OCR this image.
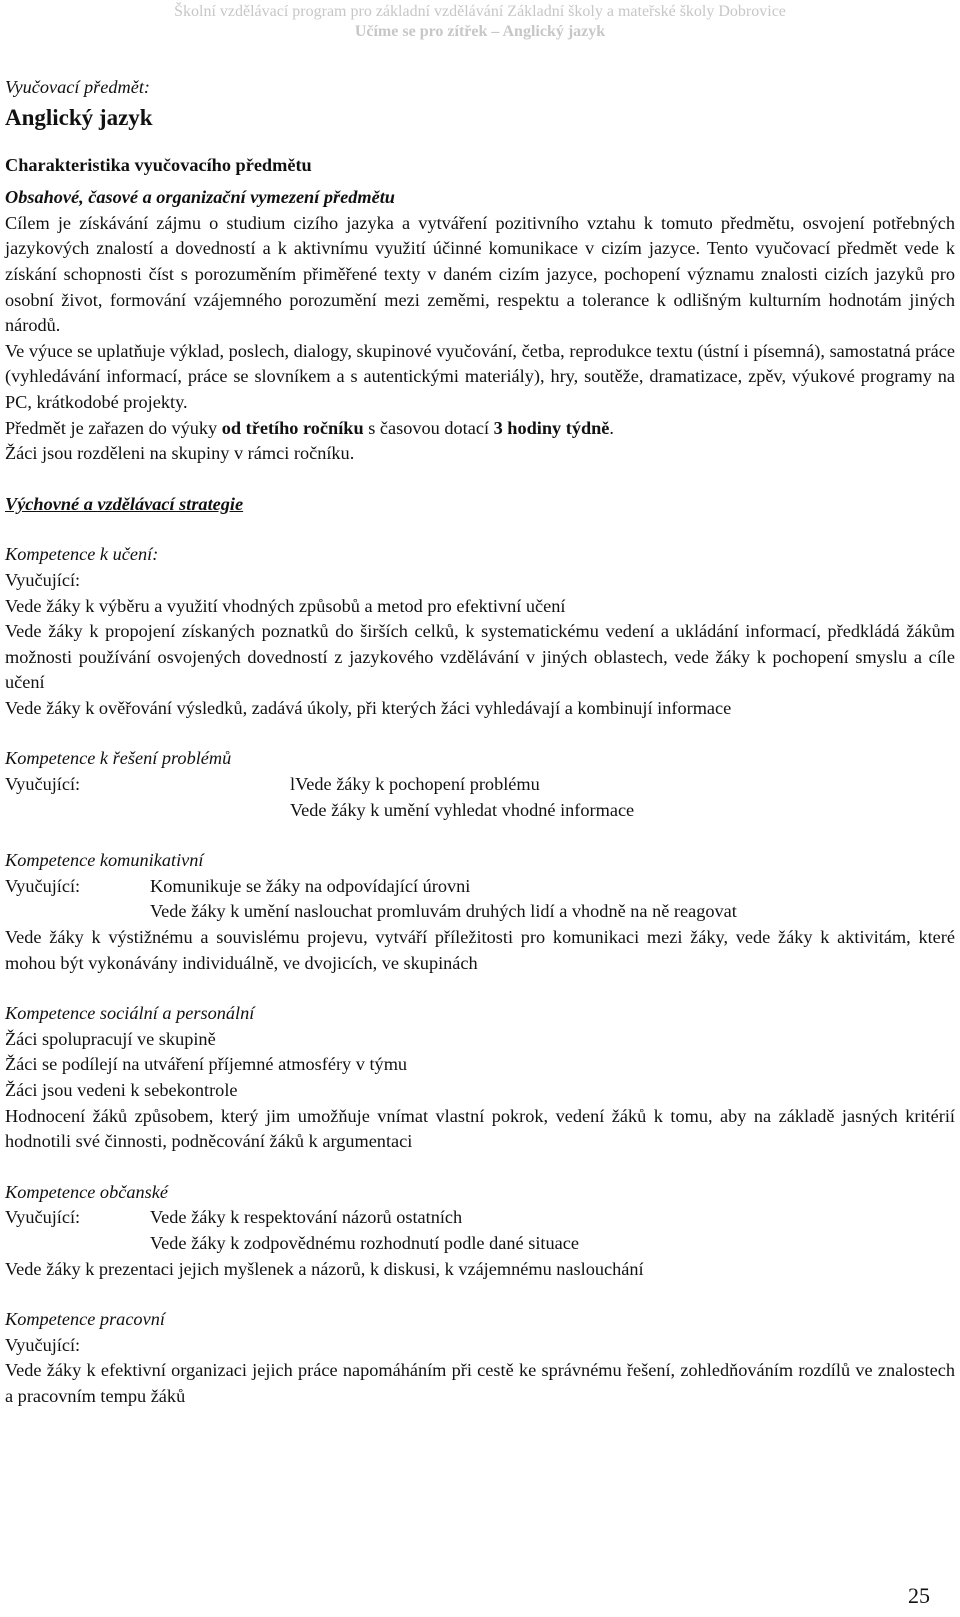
Školní vzdělávací program pro základní vzdělávání Základní školy a mateřské školy Dobrovice
Učíme se pro zítřek – Anglický jazyk

Vyučovací předmět:

Anglický jazyk

Charakteristika vyučovacího předmětu

Obsahové, časové a organizační vymezení předmětu

Cílem je získávání zájmu o studium cizího jazyka a vytváření pozitivního vztahu k tomuto předmětu, osvojení potřebných jazykových znalostí a dovedností a k aktivnímu využití účinné komunikace v cizím jazyce. Tento vyučovací předmět vede k získání schopnosti číst s porozuměním přiměřené texty v daném cizím jazyce, pochopení významu znalosti cizích jazyků pro osobní život, formování vzájemného porozumění mezi zeměmi, respektu a tolerance k odlišným kulturním hodnotám jiných národů.

Ve výuce se uplatňuje výklad, poslech, dialogy, skupinové vyučování, četba, reprodukce textu (ústní i písemná), samostatná práce (vyhledávání informací, práce se slovníkem a s autentickými materiály), hry, soutěže, dramatizace, zpěv, výukové programy na PC, krátkodobé projekty.

Předmět je zařazen do výuky od třetího ročníku s časovou dotací 3 hodiny týdně.

Žáci jsou rozděleni na skupiny v rámci ročníku.

Výchovné a vzdělávací strategie

Kompetence k učení:

Vyučující:

Vede žáky k výběru a využití vhodných způsobů a metod pro efektivní učení

Vede žáky k propojení získaných poznatků do širších celků, k systematickému vedení a ukládání informací, předkládá žákům možnosti používání osvojených dovedností z jazykového vzdělávání v jiných oblastech, vede žáky k pochopení smyslu a cíle učení

Vede žáky k ověřování výsledků, zadává úkoly, při kterých žáci vyhledávají a kombinují informace

Kompetence k řešení problémů

Vyučující:	lVede žáky k pochopení problému
Vede žáky k umění vyhledat vhodné informace

Kompetence komunikativní

Vyučující:	Komunikuje se žáky na odpovídající úrovni
Vede žáky k umění naslouchat promluvám druhých lidí a vhodně na ně reagovat

Vede žáky k výstižnému a souvislému projevu, vytváří příležitosti pro komunikaci mezi žáky, vede žáky k aktivitám, které mohou být vykonávány individuálně, ve dvojicích, ve skupinách

Kompetence sociální a personální

Žáci spolupracují ve skupině

Žáci se podílejí na utváření příjemné atmosféry v týmu

Žáci jsou vedeni k sebekontrole

Hodnocení žáků způsobem, který jim umožňuje vnímat vlastní pokrok, vedení žáků k tomu, aby na základě jasných kritérií hodnotili své činnosti, podněcování žáků k argumentaci

Kompetence občanské

Vyučující:	Vede žáky k respektování názorů ostatních
Vede žáky k zodpovědnému rozhodnutí podle dané situace

Vede žáky k prezentaci jejich myšlenek a názorů, k diskusi, k vzájemnému naslouchání

Kompetence pracovní

Vyučující:

Vede žáky k efektivní organizaci jejich práce napomáháním při cestě ke správnému řešení, zohledňováním rozdílů ve znalostech a pracovním tempu žáků

25
